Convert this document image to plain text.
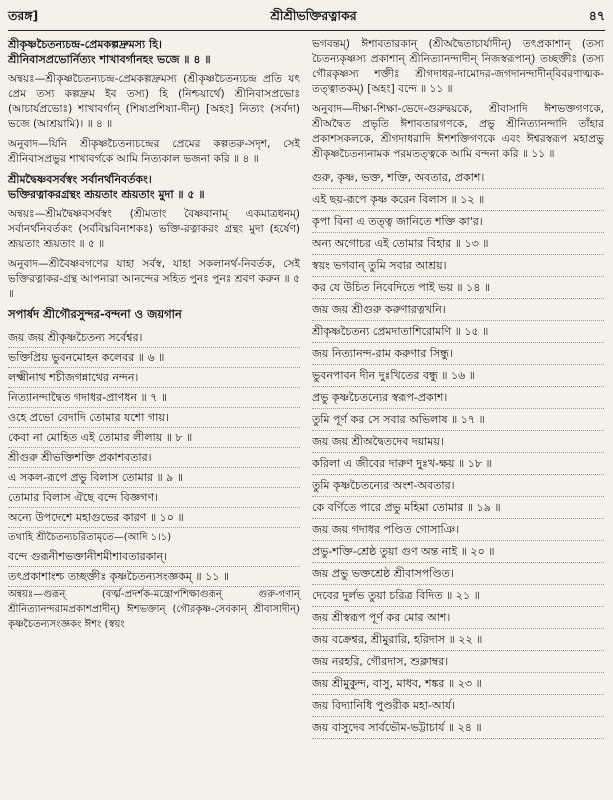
তরঙ্গ]	শ্রীশ্রীভক্তিরত্নাকর	৪৭
শ্রীকৃষ্ণচৈতন্যচন্দ্র-প্রেমকল্পদ্রুমস্য হি।
শ্রীনিবাসপ্রভোর্নিত্যং শাখাবর্গানহং ভজে ॥ ৪ ॥
অন্বয়ঃ—শ্রীকৃষ্ণচৈতন্যচন্দ্র-প্রেমকল্পদ্রুমস্য (শ্রীকৃষ্ণচৈতন্যচন্দ্র প্রতি যৎ প্রেম তস্য কল্পদ্রুম ইব তস্য) হি (নিশ্চয়ার্থে) শ্রীনিবাসপ্রভোঃ (আচার্যপ্রভোঃ) শাখাবর্গান্‌ (শিষ্যপ্রশিষ্যা-দীন্‌) [অহং] নিত্যং (সর্বদা) ভজে (আশ্রয়ামি)। ॥ ৪ ॥
অনুবাদ—যিনি শ্রীকৃষ্ণচৈতন্যচন্দ্রের প্রেমের কল্পতরু-সদৃশ, সেই শ্রীনিবাসপ্রভুর শাখাবর্গকে আমি নিত্যকাল ভজনা করি ॥ ৪ ॥
শ্রীমদ্বৈষ্ণবসর্বস্বং সর্বানর্থনিবর্তকং।
ভক্তিরত্নাকরগ্রন্থং শ্রূয়তাং শ্রূয়তাং মুদা ॥ ৫ ॥
অন্বয়ঃ—শ্রীমদ্বৈষ্ণবসর্বস্বং (শ্রীমতাং বৈষ্ণবানাম্‌ একমাত্রধনম্‌) সর্বানর্থনিবর্তকং (সর্ববিঘ্নবিনাশকঃ) ভক্তি-রত্নাকরং গ্রন্থং মুদা (হর্ষেণ) শ্রূয়তাং শ্রূয়তাং ॥ ৫ ॥
অনুবাদ—শ্রীবৈষ্ণবগণের যাহা সর্বস্ব, যাহা সকলানর্থ-নিবর্তক, সেই ভক্তিরত্নাকর-গ্রন্থ আপনারা আনন্দের সহিত পুনঃ পুনঃ শ্রবণ করুন ॥ ৫ ॥
সপার্ষদ শ্রীগৌরসুন্দর-বন্দনা ও জয়গান
জয় জয় শ্রীকৃষ্ণচৈতন্য সর্বেশ্বর।
ভক্তিপ্রিয় ভুবনমোহন কলেবর ॥ ৬ ॥
লক্ষ্মীনাথ শচীজগন্নাথের নন্দন।
নিত্যানন্দাদ্বৈত গদাধর-প্রাণধন ॥ ৭ ॥
ওহে প্রভো বেদাদি তোমার যশো গায়।
কেবা না মোহিত এই তোমার লীলায় ॥ ৮ ॥
শ্রীগুরু শ্রীভক্তিশক্তি প্রকাশবতার।
এ সকল-রূপে প্রভু বিলাস তোমার ॥ ৯ ॥
তোমার বিলাস ঐছে বন্দে বিজ্ঞগণ।
অন্যে উপদেশে মহাগুভের কারণ ॥ ১০ ॥
তথাহি শ্রীচৈতন্যচরিতামৃতে—(আদি ১।১)
বন্দে গুরূনীশভক্তানীশমীশাবতারকান্‌।
তৎপ্রকাশাংশ্চ তচ্ছক্তীঃ কৃষ্ণচৈতন্যসংজ্ঞকম্‌ ॥ ১১ ॥
অন্বয়ঃ—গুরূন্‌ (বর্ত্ম-প্রদর্শক-মন্ত্রোপশিক্ষাগুরূন্‌ গুরু-গণান্‌ শ্রীনিত্যানন্দরামপ্রকাশপ্রাদীন্‌) ঈশভক্তান্‌ (গৌরকৃষ্ণ-সেবকান্‌ শ্রীবাসাদীন্‌) কৃষ্ণচৈতন্যসংজ্ঞকং ঈশং (স্বয়ং
ভগবন্তম্‌) ঈশাবতারকান্‌ (শ্রীঅদ্বৈতাচার্যাদীন্‌) তৎপ্রকাশান্‌ (তস্য চৈতন্যকৃষ্ণস্য প্রকাশান্‌ শ্রীনিত্যানন্দাদীন্‌ নিজস্বরূপান্‌) তচ্ছক্তীঃ (তস্য গৌরকৃষ্ণস্য শক্তীঃ শ্রীগদাধর-দামোদর-জগদানন্দাদীন্‌বিবরণাত্মক-তত্ত্বাতকম্‌) [অহং] বন্দে ॥ ১১ ॥
অনুবাদ—দীক্ষা-শিক্ষা-ভেদে-গুরুদ্বয়কে, শ্রীবাসাদি ঈশভক্তগণকে, শ্রীঅদ্বৈত প্রভৃতি ঈশাবতারগণকে, প্রভু শ্রীনিত্যানন্দাদি তাঁহার প্রকাশসকলকে, শ্রীগদাধরাদি ঈশশক্তিগণকে এবং ঈশ্বরস্বরূপ মহাপ্রভু শ্রীকৃষ্ণচৈতন্যনামক পরমতত্ত্বকে আমি বন্দনা করি ॥ ১১ ॥
গুরু, কৃষ্ণ, ভক্ত, শক্তি, অবতার, প্রকাশ।
এই ছয়-রূপে কৃষ্ণ করেন বিলাস ॥ ১২ ॥
কৃপা বিনা এ তত্ত্ব জানিতে শক্তি কা'র।
অন্য অগোচর এই তোমার বিহার ॥ ১৩ ॥
স্বয়ং ভগবান্‌ তুমি সবার আশ্রয়।
কর যে উচিত নিবেদিতে পাই ভয় ॥ ১৪ ॥
জয় জয় শ্রীগুরু করুণারত্নখনি।
শ্রীকৃষ্ণচৈতন্য প্রেমদাতাশিরোমণি ॥ ১৫ ॥
জয় নিত্যানন্দ-রাম করুণার সিন্ধু।
ভুবনপাবন দীন দুঃখিতের বন্ধু ॥ ১৬ ॥
প্রভু কৃষ্ণচৈতন্যের স্বরূপ-প্রকাশ।
তুমি পূর্ণ কর সে সবার অভিলাষ ॥ ১৭ ॥
জয় জয় শ্রীঅদ্বৈতদেব দয়াময়।
করিলা এ জীবের দারুণ দুঃখ-ক্ষয় ॥ ১৮ ॥
তুমি কৃষ্ণচৈতন্যের অংশ-অবতার।
কে বর্ণিতে পারে প্রভু মহিমা তোমার ॥ ১৯ ॥
জয় জয় গদাধর পণ্ডিত গোসাঞি।
প্রভু-শক্তি-শ্রেষ্ঠ তুয়া গুণ অন্ত নাই ॥ ২০ ॥
জয় প্রভু ভক্তশ্রেষ্ঠ শ্রীবাসপণ্ডিত।
দেবের দুর্লভ তুয়া চরিত্র বিদিত ॥ ২১ ॥
জয় শ্রীস্বরূপ পূর্ণ কর মোর আশ।
জয় বক্রেশ্বর, শ্রীমুরারি, হরিদাস ॥ ২২ ॥
জয় নরহরি, গৌরদাস, শুক্লাম্বর।
জয় শ্রীমুকুন্দ, বাসু, মাধব, শঙ্কর ॥ ২৩ ॥
জয় বিদ্যানিধি পুণ্ডরীক মহা-আর্য।
জয় বাসুদেব সার্বভৌম-ভট্টাচার্য ॥ ২৪ ॥
